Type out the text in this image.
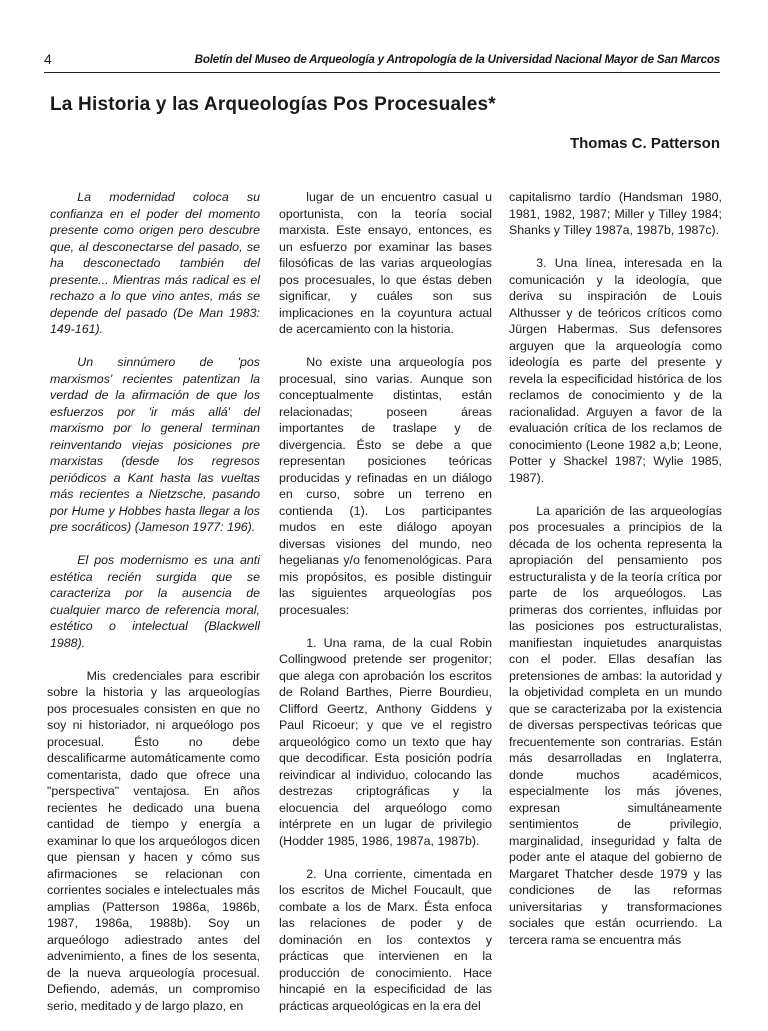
4	Boletín del Museo de Arqueología y Antropología de la Universidad Nacional Mayor de San Marcos
La Historia y las Arqueologías Pos Procesuales*
Thomas C. Patterson

La modernidad coloca su confianza en el poder del momento presente como origen pero descubre que, al desconectarse del pasado, se ha desconectado también del presente... Mientras más radical es el rechazo a lo que vino antes, más se depende del pasado (De Man 1983: 149-161).

Un sinnúmero de 'pos marxismos' recientes patentizan la verdad de la afirmación de que los esfuerzos por 'ir más allá' del marxismo por lo general terminan reinventando viejas posiciones pre marxistas (desde los regresos periódicos a Kant hasta las vueltas más recientes a Nietzsche, pasando por Hume y Hobbes hasta llegar a los pre socráticos) (Jameson 1977: 196).

El pos modernismo es una anti estética recién surgida que se caracteriza por la ausencia de cualquier marco de referencia moral, estético o intelectual (Blackwell 1988).

Mis credenciales para escribir sobre la historia y las arqueologías pos procesuales consisten en que no soy ni historiador, ni arqueólogo pos procesual. Ésto no debe descalificarme automáticamente como comentarista, dado que ofrece una "perspectiva" ventajosa. En años recientes he dedicado una buena cantidad de tiempo y energía a examinar lo que los arqueólogos dicen que piensan y hacen y cómo sus afirmaciones se relacionan con corrientes sociales e intelectuales más amplias (Patterson 1986a, 1986b, 1987, 1986a, 1988b). Soy un arqueólogo adiestrado antes del advenimiento, a fines de los sesenta, de la nueva arqueología procesual. Defiendo, además, un compromiso serio, meditado y de largo plazo, en

lugar de un encuentro casual u oportunista, con la teoría social marxista. Este ensayo, entonces, es un esfuerzo por examinar las bases filosóficas de las varias arqueologías pos procesuales, lo que éstas deben significar, y cuáles son sus implicaciones en la coyuntura actual de acercamiento con la historia.

No existe una arqueología pos procesual, sino varias. Aunque son conceptualmente distintas, están relacionadas; poseen áreas importantes de traslape y de divergencia. Ésto se debe a que representan posiciones teóricas producidas y refinadas en un diálogo en curso, sobre un terreno en contienda (1). Los participantes mudos en este diálogo apoyan diversas visiones del mundo, neo hegelianas y/o fenomenológicas. Para mis propósitos, es posible distinguir las siguientes arqueologías pos procesuales:

1. Una rama, de la cual Robin Collingwood pretende ser progenitor; que alega con aprobación los escritos de Roland Barthes, Pierre Bourdieu, Clifford Geertz, Anthony Giddens y Paul Ricoeur; y que ve el registro arqueológico como un texto que hay que decodificar. Esta posición podría reivindicar al individuo, colocando las destrezas criptográficas y la elocuencia del arqueólogo como intérprete en un lugar de privilegio (Hodder 1985, 1986, 1987a, 1987b).

2. Una corriente, cimentada en los escritos de Michel Foucault, que combate a los de Marx. Ésta enfoca las relaciones de poder y de dominación en los contextos y prácticas que intervienen en la producción de conocimiento. Hace hincapié en la especificidad de las prácticas arqueológicas en la era del

capitalismo tardío (Handsman 1980, 1981, 1982, 1987; Miller y Tilley 1984; Shanks y Tilley 1987a, 1987b, 1987c).

3. Una línea, interesada en la comunicación y la ideología, que deriva su inspiración de Louis Althusser y de teóricos críticos como Jürgen Habermas. Sus defensores arguyen que la arqueología como ideología es parte del presente y revela la especificidad histórica de los reclamos de conocimiento y de la racionalidad. Arguyen a favor de la evaluación crítica de los reclamos de conocimiento (Leone 1982 a,b; Leone, Potter y Shackel 1987; Wylie 1985, 1987).

La aparición de las arqueologías pos procesuales a principios de la década de los ochenta representa la apropiación del pensamiento pos estructuralista y de la teoría crítica por parte de los arqueólogos. Las primeras dos corrientes, influidas por las posiciones pos estructuralistas, manifiestan inquietudes anarquistas con el poder. Ellas desafían las pretensiones de ambas: la autoridad y la objetividad completa en un mundo que se caracterizaba por la existencia de diversas perspectivas teóricas que frecuentemente son contrarias. Están más desarrolladas en Inglaterra, donde muchos académicos, especialmente los más jóvenes, expresan simultáneamente sentimientos de privilegio, marginalidad, inseguridad y falta de poder ante el ataque del gobierno de Margaret Thatcher desde 1979 y las condiciones de las reformas universitarias y transformaciones sociales que están ocurriendo. La tercera rama se encuentra más
